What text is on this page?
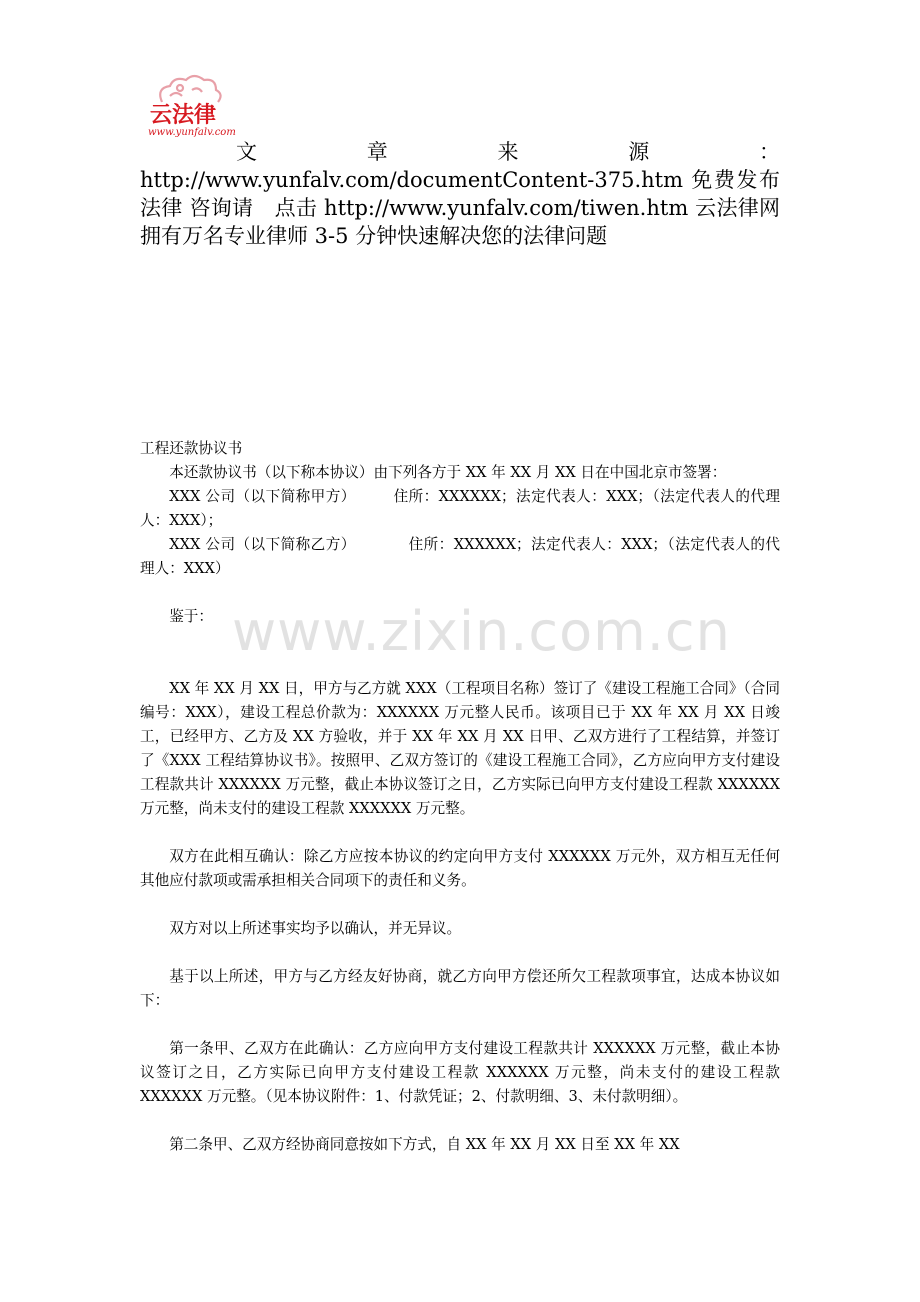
云法律
www.yunfalv.com
文	章	来	源	：
http://www.yunfalv.com/documentContent-375.htm 免费发布法律 咨询请　点击 http://www.yunfalv.com/tiwen.htm 云法律网拥有万名专业律师 3-5 分钟快速解决您的法律问题
www.zixin.com.cn

工程还款协议书

本还款协议书（以下称本协议）由下列各方于 XX 年 XX 月 XX 日在中国北京市签署：

XXX 公司（以下简称甲方）　　　住所：XXXXXX；法定代表人：XXX；（法定代表人的代理人：XXX）；

XXX 公司（以下简称乙方）　　　　住所：XXXXXX；法定代表人：XXX；（法定代表人的代理人：XXX）

鉴于：

XX 年 XX 月 XX 日，甲方与乙方就 XXX（工程项目名称）签订了《建设工程施工合同》（合同编号：XXX），建设工程总价款为：XXXXXX 万元整人民币。该项目已于 XX 年 XX 月 XX 日竣工，已经甲方、乙方及 XX 方验收，并于 XX 年 XX 月 XX 日甲、乙双方进行了工程结算，并签订了《XXX 工程结算协议书》。按照甲、乙双方签订的《建设工程施工合同》，乙方应向甲方支付建设工程款共计 XXXXXX 万元整，截止本协议签订之日，乙方实际已向甲方支付建设工程款 XXXXXX 万元整，尚未支付的建设工程款 XXXXXX 万元整。

双方在此相互确认：除乙方应按本协议的约定向甲方支付 XXXXXX 万元外，双方相互无任何其他应付款项或需承担相关合同项下的责任和义务。

双方对以上所述事实均予以确认，并无异议。

基于以上所述，甲方与乙方经友好协商，就乙方向甲方偿还所欠工程款项事宜，达成本协议如下：

第一条甲、乙双方在此确认：乙方应向甲方支付建设工程款共计 XXXXXX 万元整，截止本协议签订之日，乙方实际已向甲方支付建设工程款 XXXXXX 万元整，尚未支付的建设工程款 XXXXXX 万元整。（见本协议附件：1、付款凭证；2、付款明细、3、未付款明细）。

第二条甲、乙双方经协商同意按如下方式，自 XX 年 XX 月 XX 日至 XX 年 XX
